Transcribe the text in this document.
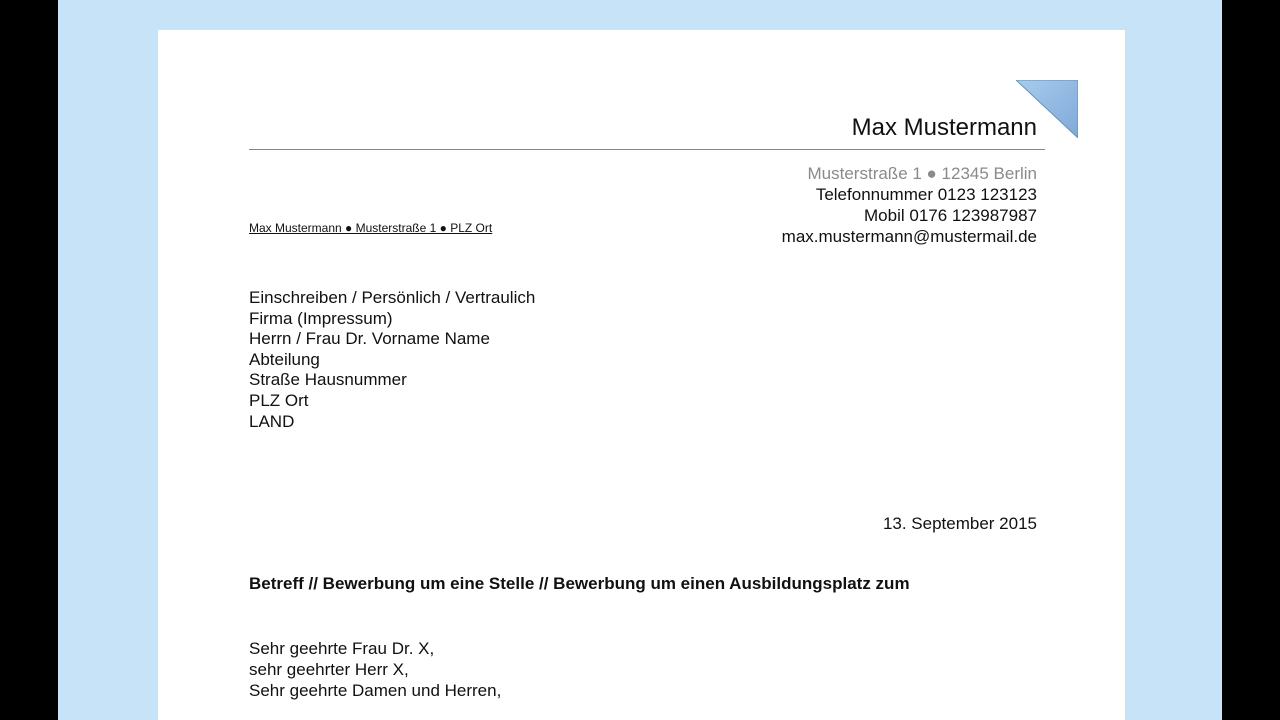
Max Mustermann
Musterstraße 1 ● 12345 Berlin
Telefonnummer 0123 123123
Mobil 0176 123987987
max.mustermann@mustermail.de
Max Mustermann ● Musterstraße 1 ● PLZ Ort
Einschreiben / Persönlich / Vertraulich
Firma (Impressum)
Herrn / Frau Dr. Vorname Name
Abteilung
Straße Hausnummer
PLZ Ort
LAND
13. September 2015
Betreff // Bewerbung um eine Stelle // Bewerbung um einen Ausbildungsplatz zum
Sehr geehrte Frau Dr. X,
sehr geehrter Herr X,
Sehr geehrte Damen und Herren,
